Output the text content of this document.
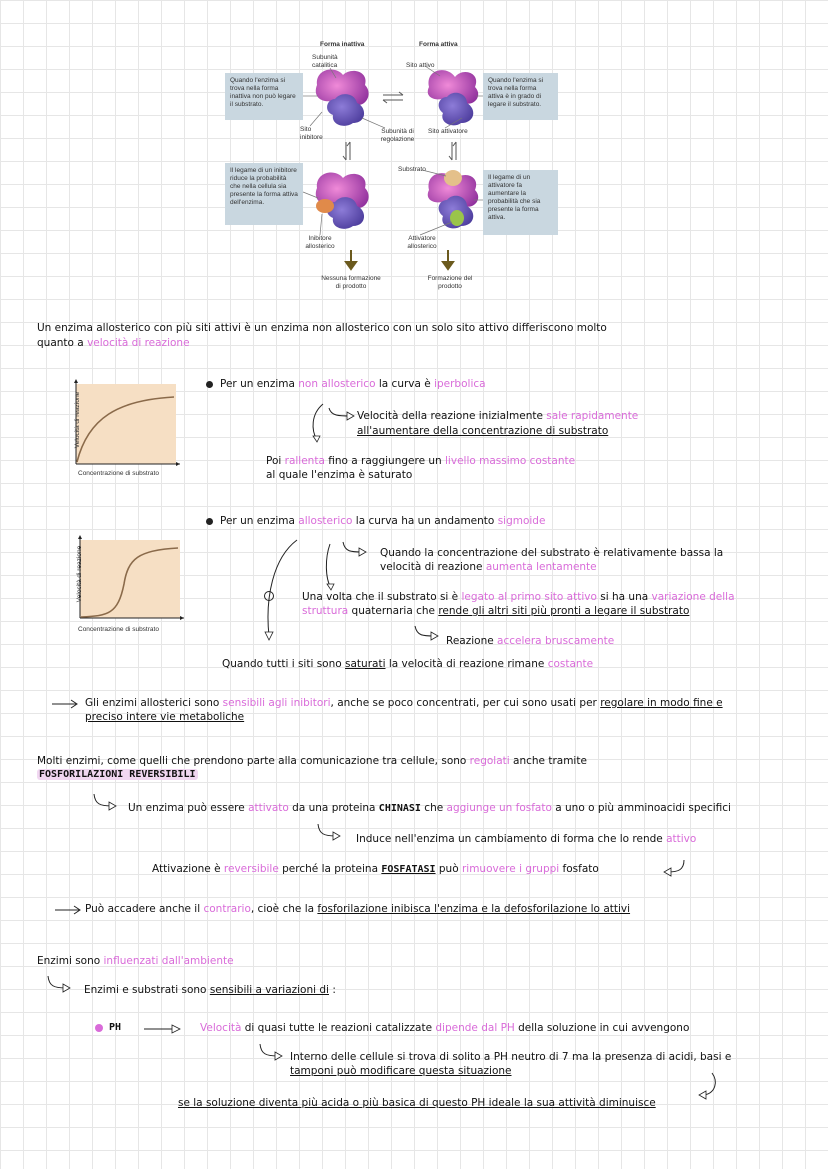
Forma inattiva	Forma attiva
Subunità catalitica	Sito attivo
Sito inibitore
Subunità di regolazione
Sito attivatore
Substrato
Inibitore allosterico
Attivatore allosterico
Nessuna formazione di prodotto
Formazione del prodotto
Quando l'enzima si trova nella forma inattiva non può legare il substrato.
Quando l'enzima si trova nella forma attiva è in grado di legare il substrato.
Il legame di un inibitore riduce la probabilità che nella cellula sia presente la forma attiva dell'enzima.
Il legame di un attivatore fa aumentare la probabilità che sia presente la forma attiva.
Un enzima allosterico con più siti attivi è un enzima non allosterico con un solo sito attivo differiscono molto
quanto a velocità di reazione
Velocità di reazione
Concentrazione di substrato
Per un enzima non allosterico la curva è iperbolica
Velocità della reazione inizialmente sale rapidamente
all'aumentare della concentrazione di substrato
Poi rallenta fino a raggiungere un livello massimo costante
al quale l'enzima è saturato
Per un enzima allosterico la curva ha un andamento sigmoide
Velocità di reazione
Concentrazione di substrato
Quando la concentrazione del substrato è relativamente bassa la
velocità di reazione aumenta lentamente
Una volta che il substrato si è legato al primo sito attivo si ha una variazione della
struttura quaternaria che rende gli altri siti più pronti a legare il substrato
Reazione accelera bruscamente
Quando tutti i siti sono saturati la velocità di reazione rimane costante
Gli enzimi allosterici sono sensibili agli inibitori, anche se poco concentrati, per cui sono usati per regolare in modo fine e
preciso intere vie metaboliche
Molti enzimi, come quelli che prendono parte alla comunicazione tra cellule, sono regolati anche tramite
FOSFORILAZIONI REVERSIBILI
Un enzima può essere attivato da una proteina CHINASI che aggiunge un fosfato a uno o più amminoacidi specifici
Induce nell'enzima un cambiamento di forma che lo rende attivo
Attivazione è reversibile perché la proteina FOSFATASI può rimuovere i gruppi fosfato
Può accadere anche il contrario, cioè che la fosforilazione inibisca l'enzima e la defosforilazione lo attivi
Enzimi sono influenzati dall'ambiente
Enzimi e substrati sono sensibili a variazioni di :
PH	Velocità di quasi tutte le reazioni catalizzate dipende dal PH della soluzione in cui avvengono
Interno delle cellule si trova di solito a PH neutro di 7 ma la presenza di acidi, basi e
tamponi può modificare questa situazione
se la soluzione diventa più acida o più basica di questo PH ideale la sua attività diminuisce
